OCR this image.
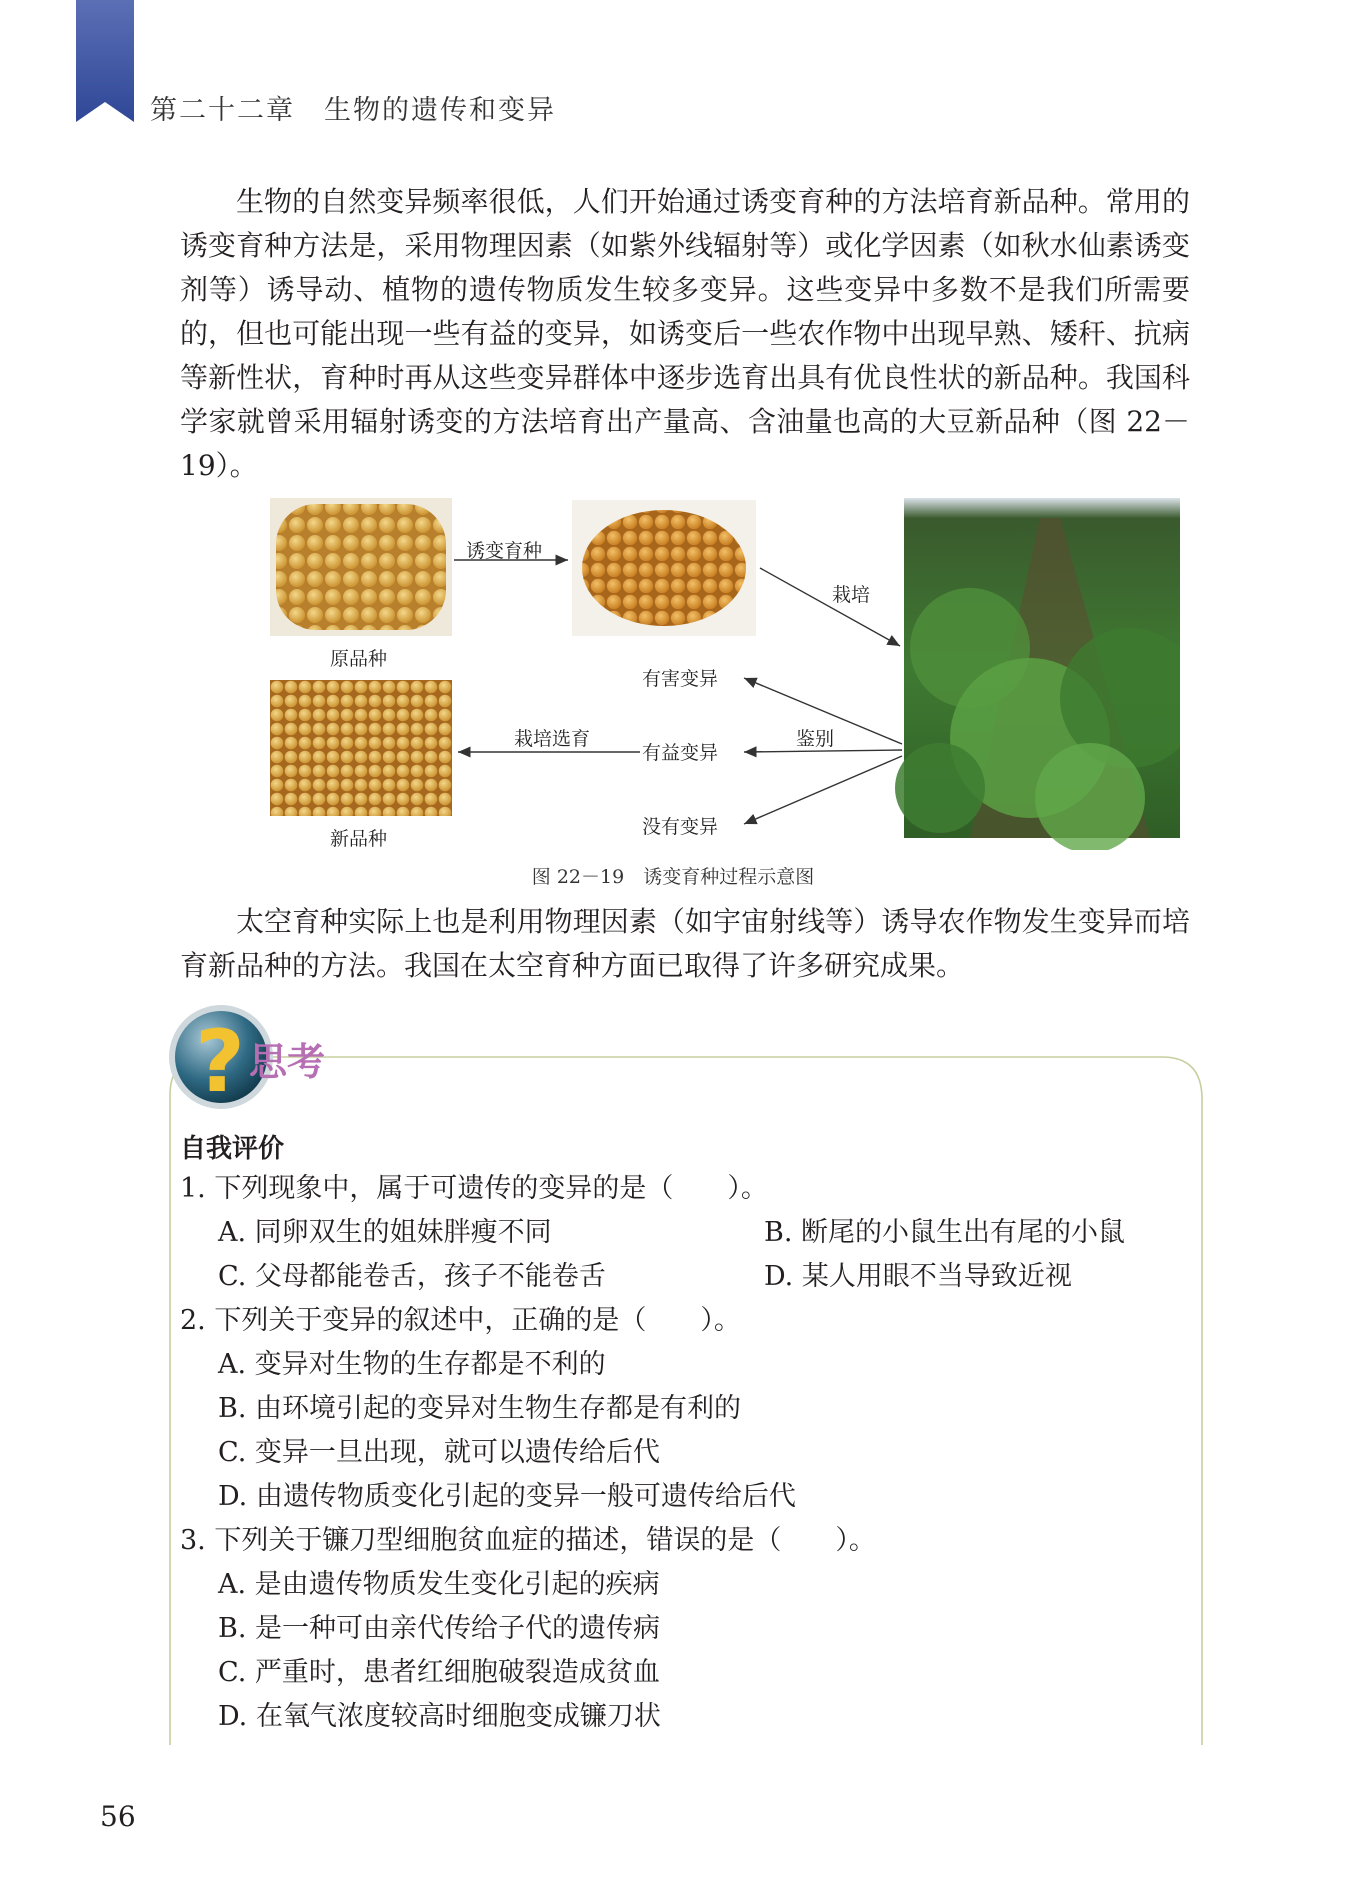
第二十二章　生物的遗传和变异

生物的自然变异频率很低，人们开始通过诱变育种的方法培育新品种。常用的诱变育种方法是，采用物理因素（如紫外线辐射等）或化学因素（如秋水仙素诱变剂等）诱导动、植物的遗传物质发生较多变异。这些变异中多数不是我们所需要的，但也可能出现一些有益的变异，如诱变后一些农作物中出现早熟、矮秆、抗病等新性状，育种时再从这些变异群体中逐步选育出具有优良性状的新品种。我国科学家就曾采用辐射诱变的方法培育出产量高、含油量也高的大豆新品种（图 22－19）。

原品种
新品种
诱变育种
栽培
鉴别
栽培选育
有害变异
有益变异
没有变异
图 22－19　诱变育种过程示意图

太空育种实际上也是利用物理因素（如宇宙射线等）诱导农作物发生变异而培育新品种的方法。我国在太空育种方面已取得了许多研究成果。

? 思考
自我评价
1. 下列现象中，属于可遗传的变异的是（　　）。
A. 同卵双生的姐妹胖瘦不同	B. 断尾的小鼠生出有尾的小鼠
C. 父母都能卷舌，孩子不能卷舌	D. 某人用眼不当导致近视
2. 下列关于变异的叙述中，正确的是（　　）。
A. 变异对生物的生存都是不利的
B. 由环境引起的变异对生物生存都是有利的
C. 变异一旦出现，就可以遗传给后代
D. 由遗传物质变化引起的变异一般可遗传给后代
3. 下列关于镰刀型细胞贫血症的描述，错误的是（　　）。
A. 是由遗传物质发生变化引起的疾病
B. 是一种可由亲代传给子代的遗传病
C. 严重时，患者红细胞破裂造成贫血
D. 在氧气浓度较高时细胞变成镰刀状
56
